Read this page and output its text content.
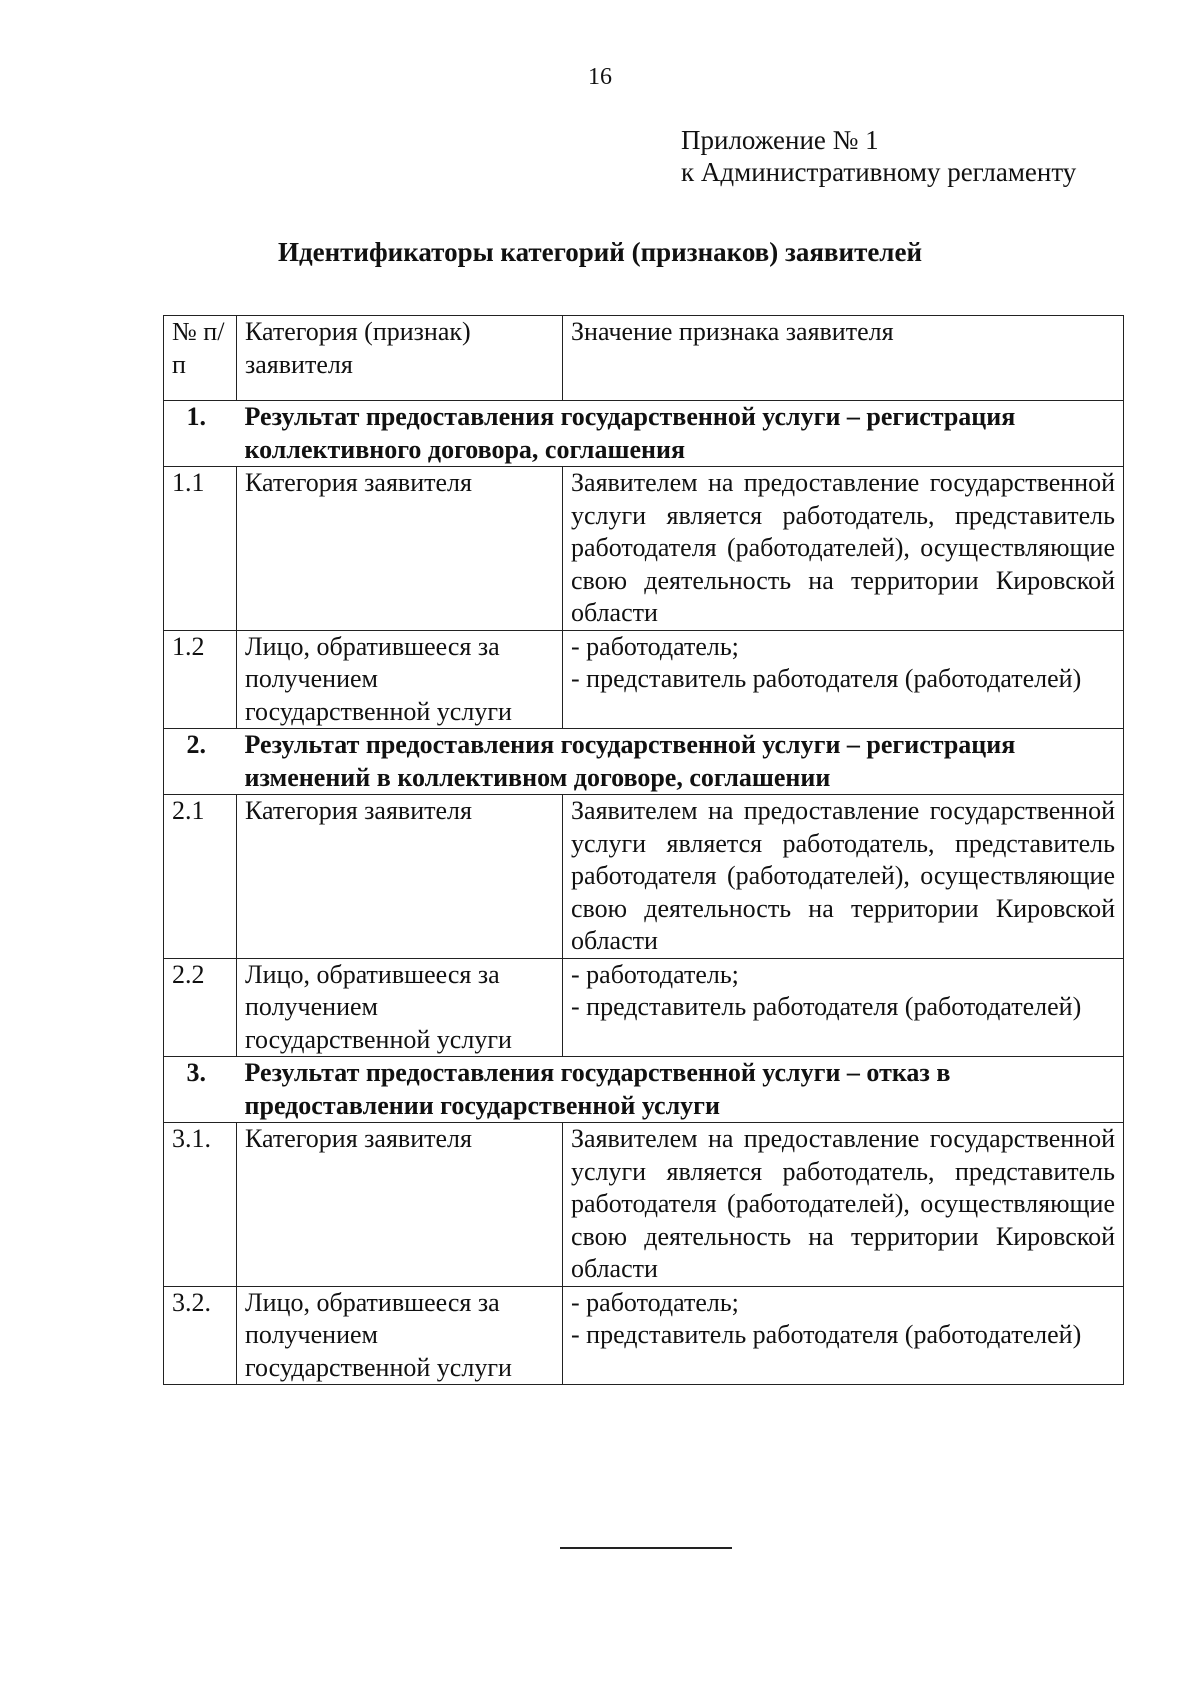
16
Приложение № 1
к Административному регламенту
Идентификаторы категорий (признаков) заявителей
№ п/п	Категория (признак) заявителя	Значение признака заявителя
1.	Результат предоставления государственной услуги – регистрация коллективного договора, соглашения	
1.1	Категория заявителя	Заявителем на предоставление государственной услуги является работодатель, представитель работодателя (работодателей), осуществляющие свою деятельность на территории Кировской области
1.2	Лицо, обратившееся за получением государственной услуги	- работодатель;
- представитель работодателя (работодателей)

2.	Результат предоставления государственной услуги – регистрация изменений в коллективном договоре, соглашении	
2.1	Категория заявителя	Заявителем на предоставление государственной услуги является работодатель, представитель работодателя (работодателей), осуществляющие свою деятельность на территории Кировской области
2.2	Лицо, обратившееся за получением государственной услуги	- работодатель;
- представитель работодателя (работодателей)

3.	Результат предоставления государственной услуги – отказ в предоставлении государственной услуги	
3.1.	Категория заявителя	Заявителем на предоставление государственной услуги является работодатель, представитель работодателя (работодателей), осуществляющие свою деятельность на территории Кировской области
3.2.	Лицо, обратившееся за получением государственной услуги	- работодатель;
- представитель работодателя (работодателей)
